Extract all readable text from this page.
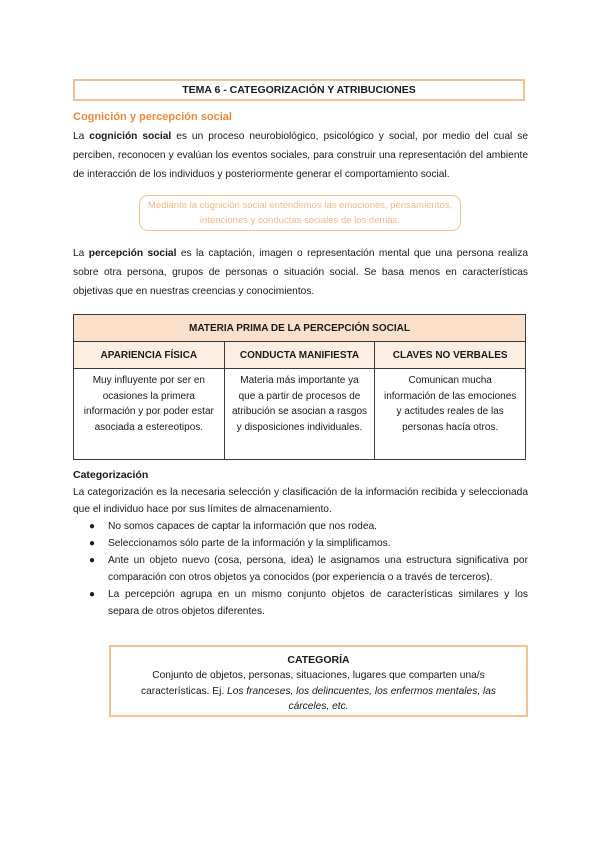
TEMA 6 - CATEGORIZACIÓN Y ATRIBUCIONES
Cognición y percepción social

La cognición social es un proceso neurobiológico, psicológico y social, por medio del cual se perciben, reconocen y evalúan los eventos sociales, para construir una representación del ambiente de interacción de los individuos y posteriormente generar el comportamiento social.

Mediante la cognición social entendemos las emociones, pensamientos, intenciones y conductas sociales de los demás.

La percepción social es la captación, imagen o representación mental que una persona realiza sobre otra persona, grupos de personas o situación social. Se basa menos en características objetivas que en nuestras creencias y conocimientos.

MATERIA PRIMA DE LA PERCEPCIÓN SOCIAL		
APARIENCIA FÍSICA	CONDUCTA MANIFIESTA	CLAVES NO VERBALES
Muy influyente por ser en ocasiones la primera información y por poder estar asociada a estereotipos.	Materia más importante ya que a partir de procesos de atribución se asocian a rasgos y disposiciones individuales.	Comunican mucha información de las emociones y actitudes reales de las personas hacía otros.
Categorización

La categorización es la necesaria selección y clasificación de la información recibida y seleccionada que el individuo hace por sus límites de almacenamiento.

● No somos capaces de captar la información que nos rodea.
● Seleccionamos sólo parte de la información y la simplificamos.
● Ante un objeto nuevo (cosa, persona, idea) le asignamos una estructura significativa por comparación con otros objetos ya conocidos (por experiencia o a través de terceros).
● La percepción agrupa en un mismo conjunto objetos de características similares y los separa de otros objetos diferentes.
CATEGORÍA
Conjunto de objetos, personas, situaciones, lugares que comparten una/s características. Ej. Los franceses, los delincuentes, los enfermos mentales, las cárceles, etc.
